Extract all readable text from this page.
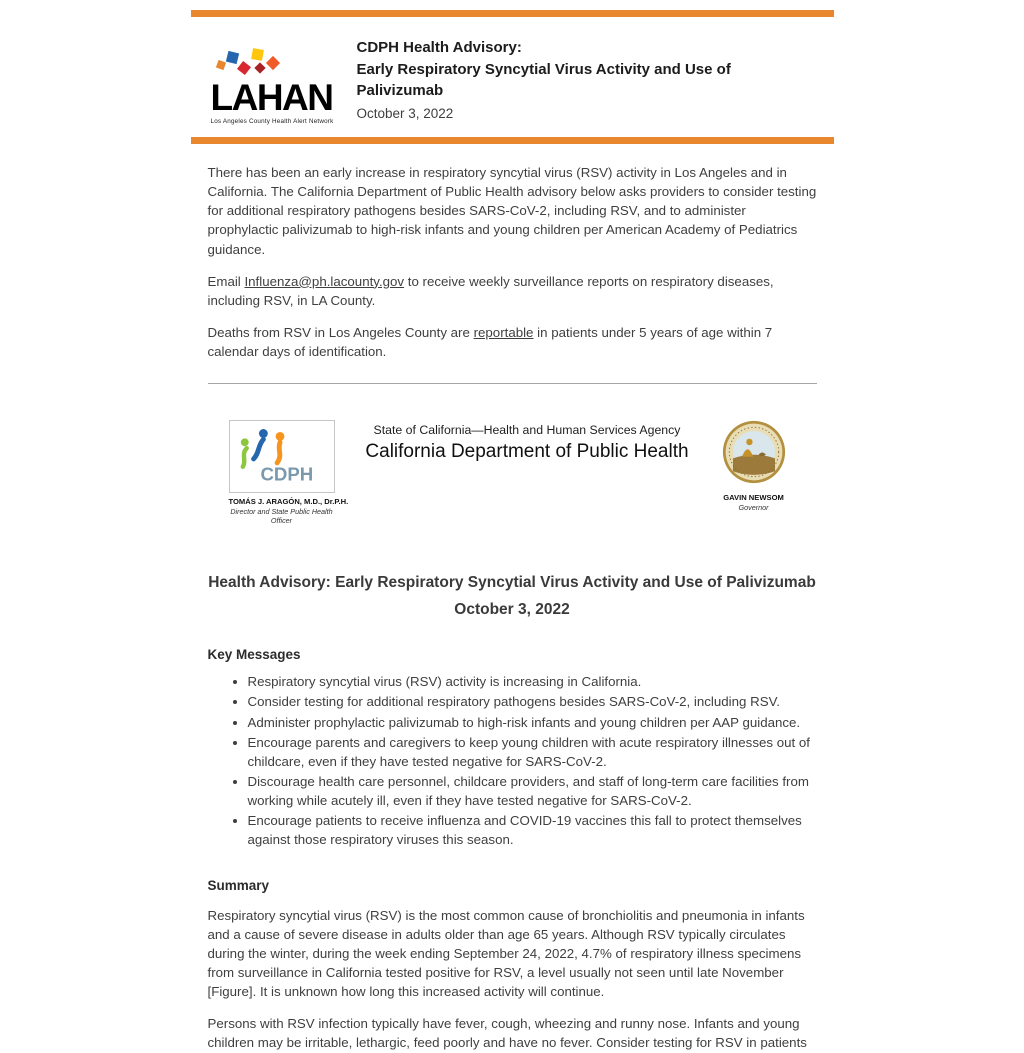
LAHAN
Los Angeles County Health Alert Network
CDPH Health Advisory:
Early Respiratory Syncytial Virus Activity and Use of Palivizumab
October 3, 2022

There has been an early increase in respiratory syncytial virus (RSV) activity in Los Angeles and in California. The California Department of Public Health advisory below asks providers to consider testing for additional respiratory pathogens besides SARS-CoV-2, including RSV, and to administer prophylactic palivizumab to high-risk infants and young children per American Academy of Pediatrics guidance.

Email Influenza@ph.lacounty.gov to receive weekly surveillance reports on respiratory diseases, including RSV, in LA County.

Deaths from RSV in Los Angeles County are reportable in patients under 5 years of age within 7 calendar days of identification.

CDPH
TOMÁS J. ARAGÓN, M.D., Dr.P.H.
Director and State Public Health Officer
State of California—Health and Human Services Agency
California Department of Public Health
GAVIN NEWSOM
Governor
Health Advisory: Early Respiratory Syncytial Virus Activity and Use of Palivizumab
October 3, 2022
Key Messages
• Respiratory syncytial virus (RSV) activity is increasing in California.
• Consider testing for additional respiratory pathogens besides SARS-CoV-2, including RSV.
• Administer prophylactic palivizumab to high-risk infants and young children per AAP guidance.
• Encourage parents and caregivers to keep young children with acute respiratory illnesses out of childcare, even if they have tested negative for SARS-CoV-2.
• Discourage health care personnel, childcare providers, and staff of long-term care facilities from working while acutely ill, even if they have tested negative for SARS-CoV-2.
• Encourage patients to receive influenza and COVID-19 vaccines this fall to protect themselves against those respiratory viruses this season.
Summary

Respiratory syncytial virus (RSV) is the most common cause of bronchiolitis and pneumonia in infants and a cause of severe disease in adults older than age 65 years. Although RSV typically circulates during the winter, during the week ending September 24, 2022, 4.7% of respiratory illness specimens from surveillance in California tested positive for RSV, a level usually not seen until late November [Figure]. It is unknown how long this increased activity will continue.

Persons with RSV infection typically have fever, cough, wheezing and runny nose. Infants and young children may be irritable, lethargic, feed poorly and have no fever. Consider testing for RSV in patients
